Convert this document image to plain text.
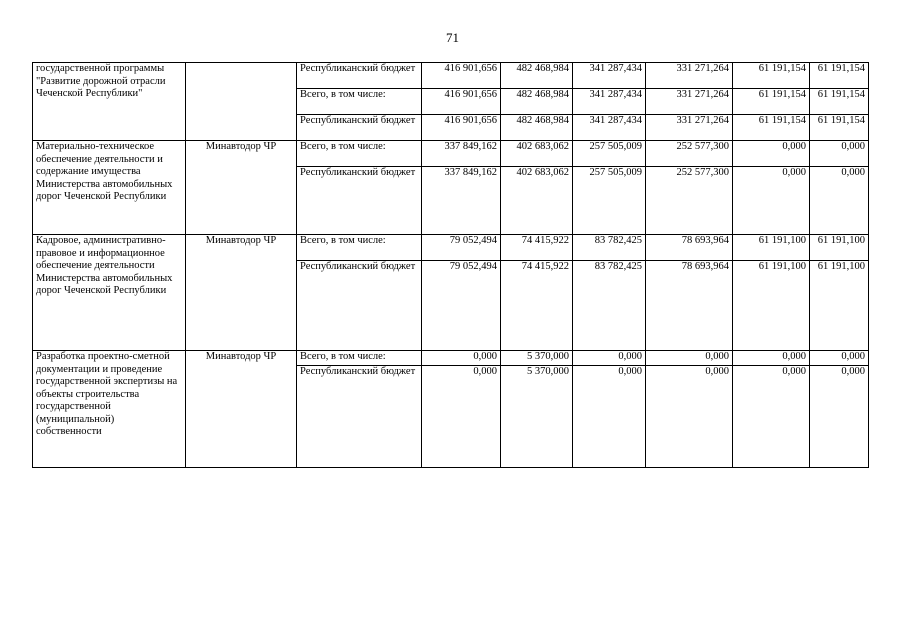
71
государственной программы "Развитие дорожной отрасли Чеченской Республики"		Республиканский бюджет	416 901,656	482 468,984	341 287,434	331 271,264	61 191,154	61 191,154
		Всего, в том числе:	416 901,656	482 468,984	341 287,434	331 271,264	61 191,154	61 191,154
		Республиканский бюджет	416 901,656	482 468,984	341 287,434	331 271,264	61 191,154	61 191,154
Материально-техническое обеспечение деятельности и содержание имущества Министерства автомобильных дорог Чеченской Республики	Минавтодор ЧР	Всего, в том числе:	337 849,162	402 683,062	257 505,009	252 577,300	0,000	0,000
		Республиканский бюджет	337 849,162	402 683,062	257 505,009	252 577,300	0,000	0,000
Кадровое, административно-правовое и информационное обеспечение деятельности Министерства автомобильных дорог Чеченской Республики	Минавтодор ЧР	Всего, в том числе:	79 052,494	74 415,922	83 782,425	78 693,964	61 191,100	61 191,100
		Республиканский бюджет	79 052,494	74 415,922	83 782,425	78 693,964	61 191,100	61 191,100
Разработка проектно-сметной документации и проведение государственной экспертизы на объекты строительства государственной (муниципальной) собственности	Минавтодор ЧР	Всего, в том числе:	0,000	5 370,000	0,000	0,000	0,000	0,000
		Республиканский бюджет	0,000	5 370,000	0,000	0,000	0,000	0,000
